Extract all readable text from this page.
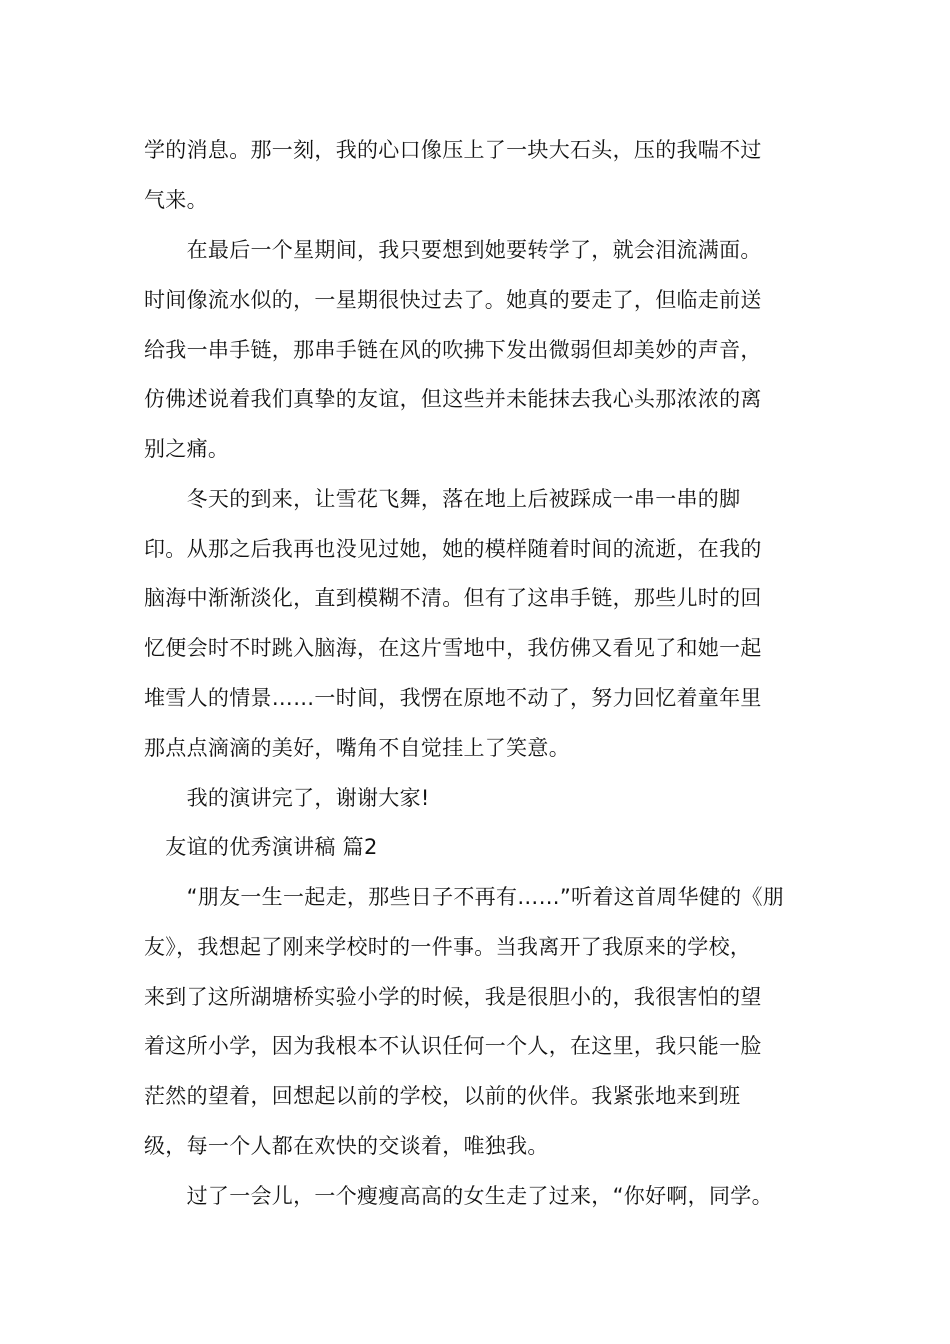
学的消息。那一刻，我的心口像压上了一块大石头，压的我喘不过
气来。
　　在最后一个星期间，我只要想到她要转学了，就会泪流满面。
时间像流水似的，一星期很快过去了。她真的要走了，但临走前送
给我一串手链，那串手链在风的吹拂下发出微弱但却美妙的声音，
仿佛述说着我们真挚的友谊，但这些并未能抹去我心头那浓浓的离
别之痛。
　　冬天的到来，让雪花飞舞，落在地上后被踩成一串一串的脚
印。从那之后我再也没见过她，她的模样随着时间的流逝，在我的
脑海中渐渐淡化，直到模糊不清。但有了这串手链，那些儿时的回
忆便会时不时跳入脑海，在这片雪地中，我仿佛又看见了和她一起
堆雪人的情景……一时间，我愣在原地不动了，努力回忆着童年里
那点点滴滴的美好，嘴角不自觉挂上了笑意。
　　我的演讲完了，谢谢大家!
　友谊的优秀演讲稿 篇2
　　“朋友一生一起走，那些日子不再有……”听着这首周华健的《朋
友》，我想起了刚来学校时的一件事。当我离开了我原来的学校，
来到了这所湖塘桥实验小学的时候，我是很胆小的，我很害怕的望
着这所小学，因为我根本不认识任何一个人，在这里，我只能一脸
茫然的望着，回想起以前的学校，以前的伙伴。我紧张地来到班
级，每一个人都在欢快的交谈着，唯独我。
　　过了一会儿，一个瘦瘦高高的女生走了过来，“你好啊，同学。
